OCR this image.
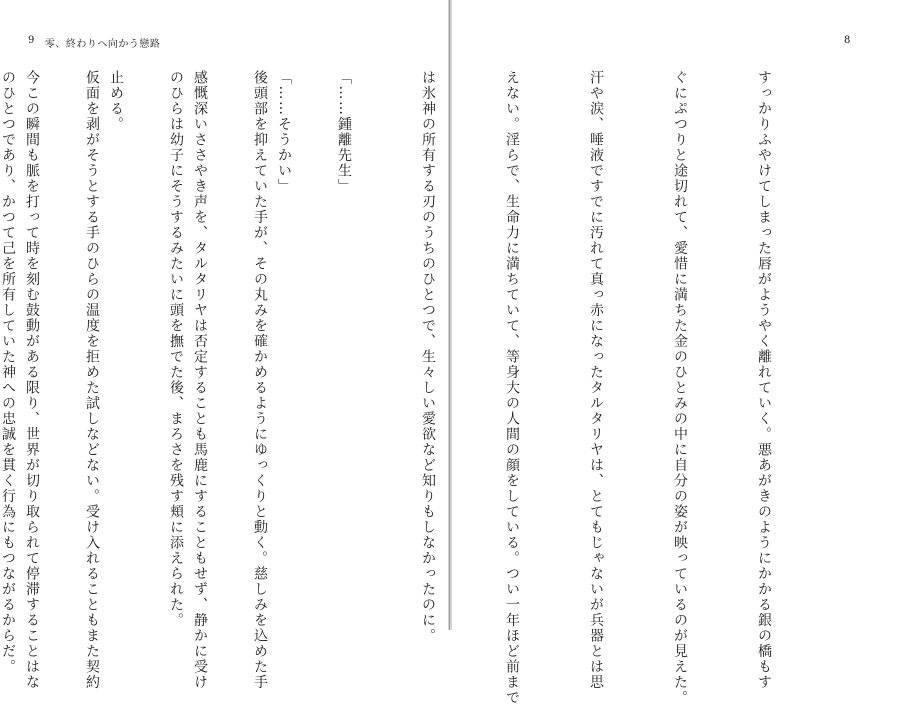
9 零、終わりへ向かう戀路	8

「……そうかい」

感慨深いささやき声を、タルタリヤは否定することも馬鹿にすることもせず、静かに受け

止める。

今この瞬間も脈を打って時を刻む鼓動がある限り、世界が切り取られて停滞することはな

	すっかりふやけてしまった唇がようやく離れていく。悪あがきのようにかかる銀の橋もす

ぐにぷつりと途切れて、愛惜に満ちた金のひとみの中に自分の姿が映っているのが見えた。

汗や涙、唾液ですでに汚れて真っ赤になったタルタリヤは、とてもじゃないが兵器とは思

えない。淫らで、生命力に満ちていて、等身大の人間の顔をしている。つい一年ほど前まで

は氷神の所有する刃のうちのひとつで、生々しい愛欲など知りもしなかったのに。

「……鍾離先生」

後頭部を抑えていた手が、その丸みを確かめるようにゆっくりと動く。慈しみを込めた手

のひらは幼子にそうするみたいに頭を撫でた後、まろさを残す頬に添えられた。

仮面を剥がそうとする手のひらの温度を拒めた試しなどない。受け入れることもまた契約

のひとつであり、かつて己を所有していた神への忠誠を貫く行為にもつながるからだ。
